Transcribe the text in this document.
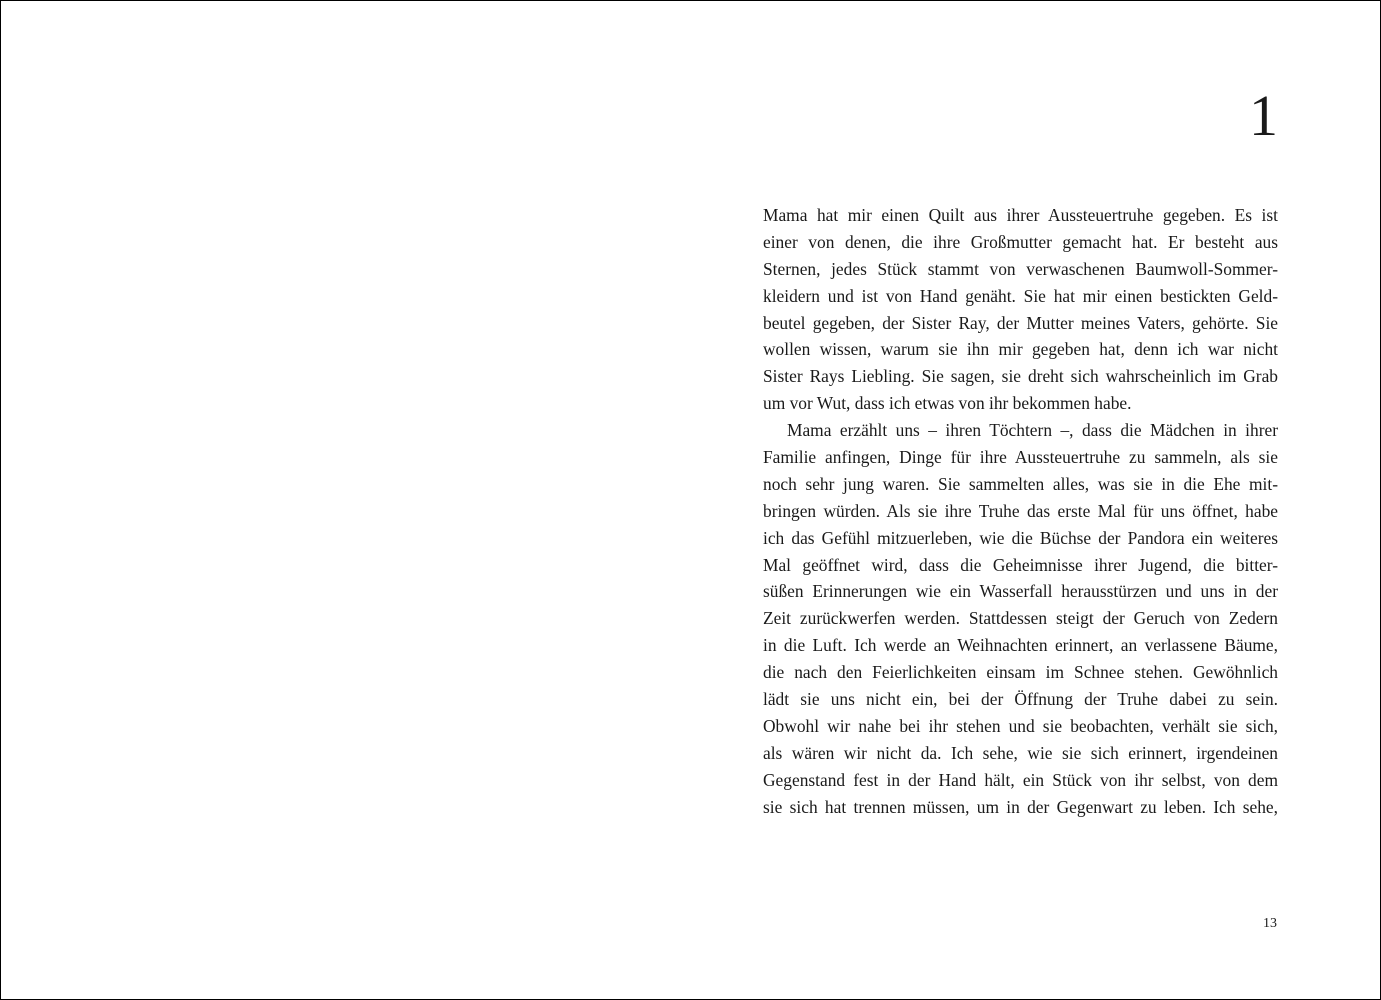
1
Mama hat mir einen Quilt aus ihrer Aussteuertruhe gegeben. Es ist
einer von denen, die ihre Großmutter gemacht hat. Er besteht aus
Sternen, jedes Stück stammt von verwaschenen Baumwoll-Sommer-
kleidern und ist von Hand genäht. Sie hat mir einen bestickten Geld-
beutel gegeben, der Sister Ray, der Mutter meines Vaters, gehörte. Sie
wollen wissen, warum sie ihn mir gegeben hat, denn ich war nicht
Sister Rays Liebling. Sie sagen, sie dreht sich wahrscheinlich im Grab
um vor Wut, dass ich etwas von ihr bekommen habe.
Mama erzählt uns – ihren Töchtern –, dass die Mädchen in ihrer
Familie anfingen, Dinge für ihre Aussteuertruhe zu sammeln, als sie
noch sehr jung waren. Sie sammelten alles, was sie in die Ehe mit-
bringen würden. Als sie ihre Truhe das erste Mal für uns öffnet, habe
ich das Gefühl mitzuerleben, wie die Büchse der Pandora ein weiteres
Mal geöffnet wird, dass die Geheimnisse ihrer Jugend, die bitter-
süßen Erinnerungen wie ein Wasserfall herausstürzen und uns in der
Zeit zurückwerfen werden. Stattdessen steigt der Geruch von Zedern
in die Luft. Ich werde an Weihnachten erinnert, an verlassene Bäume,
die nach den Feierlichkeiten einsam im Schnee stehen. Gewöhnlich
lädt sie uns nicht ein, bei der Öffnung der Truhe dabei zu sein.
Obwohl wir nahe bei ihr stehen und sie beobachten, verhält sie sich,
als wären wir nicht da. Ich sehe, wie sie sich erinnert, irgendeinen
Gegenstand fest in der Hand hält, ein Stück von ihr selbst, von dem
sie sich hat trennen müssen, um in der Gegenwart zu leben. Ich sehe,
13
